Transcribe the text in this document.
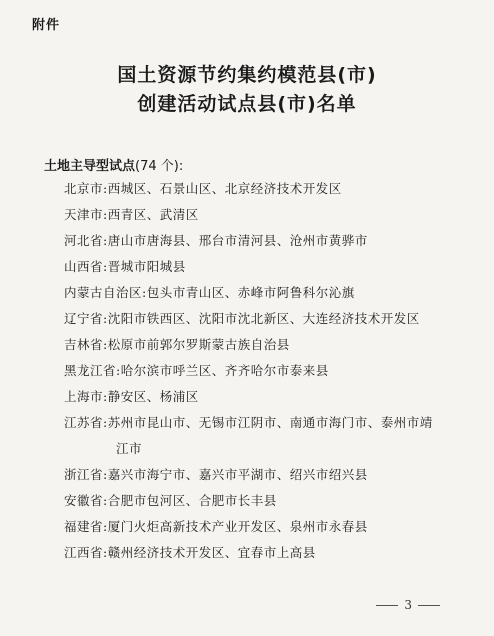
附件
国土资源节约集约模范县(市)
创建活动试点县(市)名单
土地主导型试点(74 个):
北京市:西城区、石景山区、北京经济技术开发区
天津市:西青区、武清区
河北省:唐山市唐海县、邢台市清河县、沧州市黄骅市
山西省:晋城市阳城县
内蒙古自治区:包头市青山区、赤峰市阿鲁科尔沁旗
辽宁省:沈阳市铁西区、沈阳市沈北新区、大连经济技术开发区
吉林省:松原市前郭尔罗斯蒙古族自治县
黑龙江省:哈尔滨市呼兰区、齐齐哈尔市泰来县
上海市:静安区、杨浦区
江苏省:苏州市昆山市、无锡市江阴市、南通市海门市、泰州市靖
江市
浙江省:嘉兴市海宁市、嘉兴市平湖市、绍兴市绍兴县
安徽省:合肥市包河区、合肥市长丰县
福建省:厦门火炬高新技术产业开发区、泉州市永春县
江西省:赣州经济技术开发区、宜春市上高县
3
